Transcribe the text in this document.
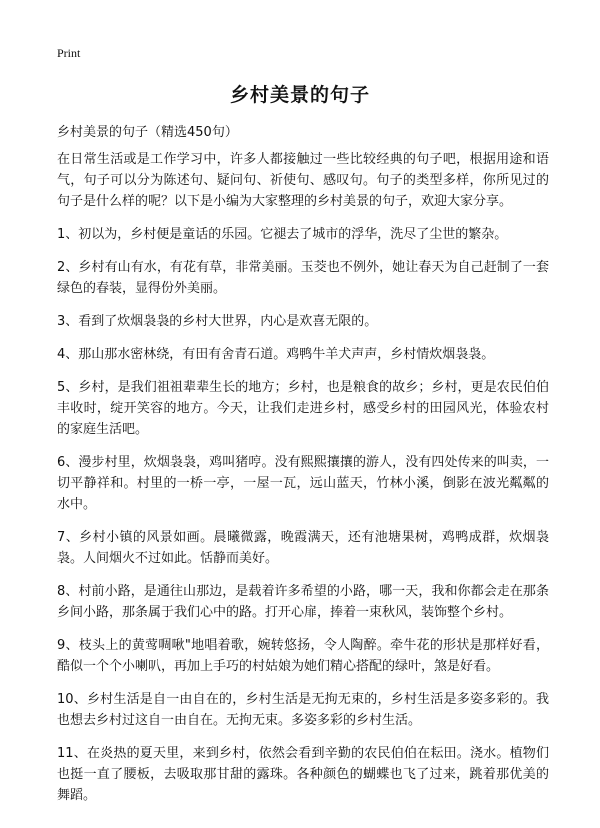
Print
乡村美景的句子

乡村美景的句子（精选450句）

在日常生活或是工作学习中，许多人都接触过一些比较经典的句子吧，根据用途和语气，句子可以分为陈述句、疑问句、祈使句、感叹句。句子的类型多样，你所见过的句子是什么样的呢？以下是小编为大家整理的乡村美景的句子，欢迎大家分享。

1、初以为，乡村便是童话的乐园。它褪去了城市的浮华，洗尽了尘世的繁杂。

2、乡村有山有水，有花有草，非常美丽。玉茭也不例外，她让春天为自己赶制了一套绿色的春装，显得份外美丽。

3、看到了炊烟袅袅的乡村大世界，内心是欢喜无限的。

4、那山那水密林绕，有田有舍青石道。鸡鸭牛羊犬声声，乡村情炊烟袅袅。

5、乡村，是我们祖祖辈辈生长的地方；乡村，也是粮食的故乡；乡村，更是农民伯伯丰收时，绽开笑容的地方。今天，让我们走进乡村，感受乡村的田园风光，体验农村的家庭生活吧。

6、漫步村里，炊烟袅袅，鸡叫猪哼。没有熙熙攘攘的游人，没有四处传来的叫卖，一切平静祥和。村里的一桥一亭，一屋一瓦，远山蓝天，竹林小溪，倒影在波光粼粼的水中。

7、乡村小镇的风景如画。晨曦微露，晚霞满天，还有池塘果树，鸡鸭成群，炊烟袅袅。人间烟火不过如此。恬静而美好。

8、村前小路，是通往山那边，是载着许多希望的小路，哪一天，我和你都会走在那条乡间小路，那条属于我们心中的路。打开心扉，捧着一束秋风，装饰整个乡村。

9、枝头上的黄莺啁啾"地唱着歌，婉转悠扬，令人陶醉。牵牛花的形状是那样好看，酷似一个个小喇叭，再加上手巧的村姑娘为她们精心搭配的绿叶，煞是好看。

10、乡村生活是自一由自在的，乡村生活是无拘无束的，乡村生活是多姿多彩的。我也想去乡村过这自一由自在。无拘无束。多姿多彩的乡村生活。

11、在炎热的夏天里，来到乡村，依然会看到辛勤的农民伯伯在耘田。浇水。植物们也挺一直了腰板，去吸取那甘甜的露珠。各种颜色的蝴蝶也飞了过来，跳着那优美的舞蹈。
